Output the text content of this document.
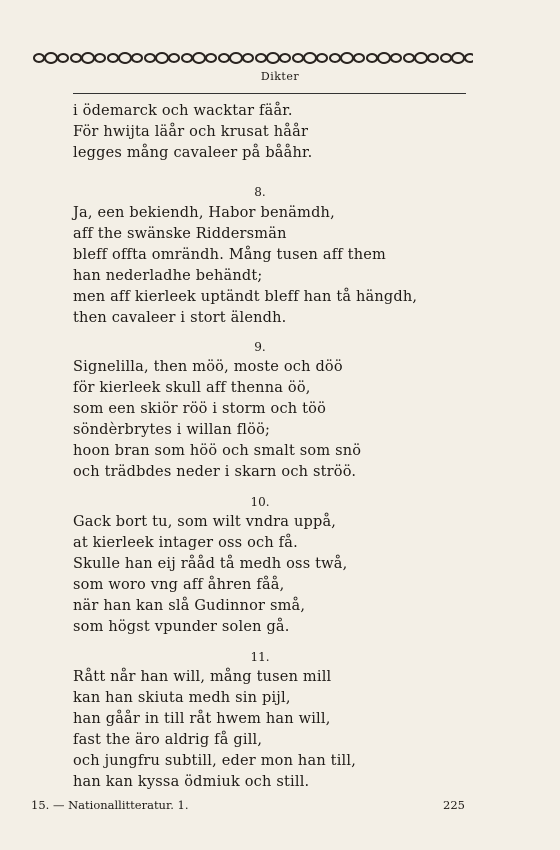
Dikter
i ödemarck och wacktar fäår.
För hwijta läår och krusat håår
legges mång cavaleer på bååhr.
8.
Ja, een bekiendh, Habor benämdh,
aff the swänske Riddersmän
bleff offta omrändh. Mång tusen aff them
han nederladhe behändt;
men aff kierleek uptändt bleff han tå hängdh,
then cavaleer i stort älendh.
9.
Signelilla, then möö, moste och döö
för kierleek skull aff thenna öö,
som een skiör röö i storm och töö
söndèrbrytes i willan flöö;
hoon bran som höö och smalt som snö
och trädbdes neder i skarn och ströö.
10.
Gack bort tu, som wilt vndra uppå,
at kierleek intager oss och få.
Skulle han eij rååd tå medh oss twå,
som woro vng aff åhren fåå,
när han kan slå Gudinnor små,
som högst vpunder solen gå.
11.
Rått når han will, mång tusen mill
kan han skiuta medh sin pijl,
han gåår in till råt hwem han will,
fast the äro aldrig få gill,
och jungfru subtill, eder mon han till,
han kan kyssa ödmiuk och still.
15. — Nationallitteratur. 1.	225
